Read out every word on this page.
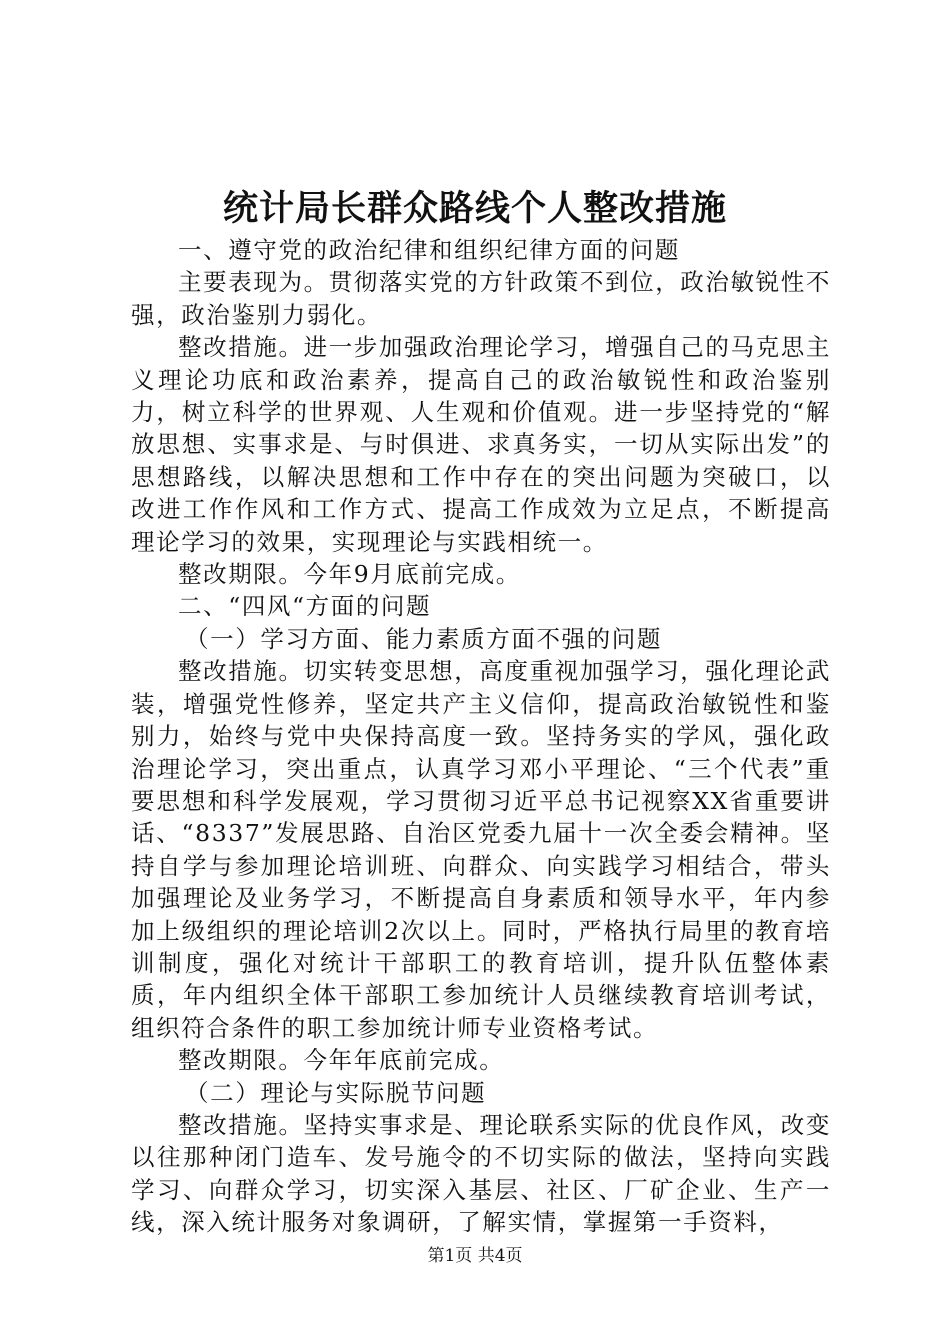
统计局长群众路线个人整改措施

一、遵守党的政治纪律和组织纪律方面的问题

主要表现为。贯彻落实党的方针政策不到位，政治敏锐性不强，政治鉴别力弱化。

整改措施。进一步加强政治理论学习，增强自己的马克思主义理论功底和政治素养，提高自己的政治敏锐性和政治鉴别力，树立科学的世界观、人生观和价值观。进一步坚持党的“解放思想、实事求是、与时俱进、求真务实，一切从实际出发”的思想路线，以解决思想和工作中存在的突出问题为突破口，以改进工作作风和工作方式、提高工作成效为立足点，不断提高理论学习的效果，实现理论与实践相统一。

整改期限。今年9月底前完成。

二、“四风“方面的问题

（一）学习方面、能力素质方面不强的问题

整改措施。切实转变思想，高度重视加强学习，强化理论武装，增强党性修养，坚定共产主义信仰，提高政治敏锐性和鉴别力，始终与党中央保持高度一致。坚持务实的学风，强化政治理论学习，突出重点，认真学习邓小平理论、“三个代表”重要思想和科学发展观，学习贯彻习近平总书记视察XX省重要讲话、“8337”发展思路、自治区党委九届十一次全委会精神。坚持自学与参加理论培训班、向群众、向实践学习相结合，带头加强理论及业务学习，不断提高自身素质和领导水平，年内参加上级组织的理论培训2次以上。同时，严格执行局里的教育培训制度，强化对统计干部职工的教育培训，提升队伍整体素质，年内组织全体干部职工参加统计人员继续教育培训考试，组织符合条件的职工参加统计师专业资格考试。

整改期限。今年年底前完成。

（二）理论与实际脱节问题

整改措施。坚持实事求是、理论联系实际的优良作风，改变以往那种闭门造车、发号施令的不切实际的做法，坚持向实践学习、向群众学习，切实深入基层、社区、厂矿企业、生产一线，深入统计服务对象调研，了解实情，掌握第一手资料，

第1页 共4页
